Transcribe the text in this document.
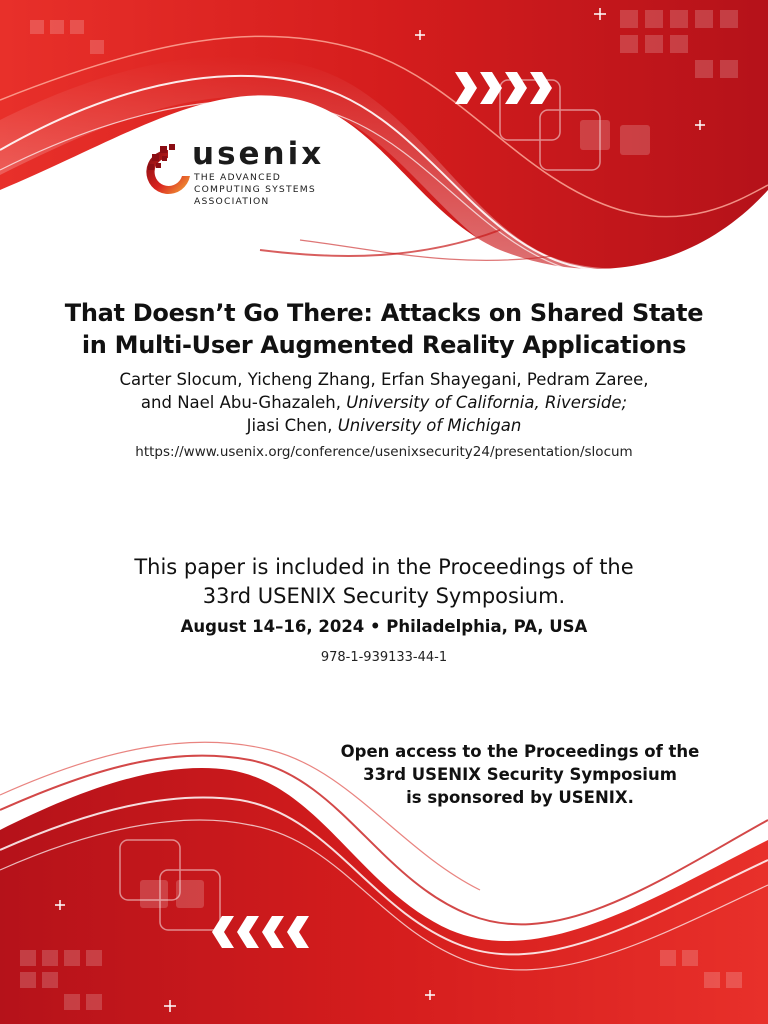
usenix
THE ADVANCED
COMPUTING SYSTEMS
ASSOCIATION
That Doesn’t Go There: Attacks on Shared State
in Multi-User Augmented Reality Applications
Carter Slocum, Yicheng Zhang, Erfan Shayegani, Pedram Zaree,
and Nael Abu-Ghazaleh, University of California, Riverside;
Jiasi Chen, University of Michigan
https://www.usenix.org/conference/usenixsecurity24/presentation/slocum
This paper is included in the Proceedings of the
33rd USENIX Security Symposium.
August 14–16, 2024 • Philadelphia, PA, USA
978-1-939133-44-1
Open access to the Proceedings of the
33rd USENIX Security Symposium
is sponsored by USENIX.
